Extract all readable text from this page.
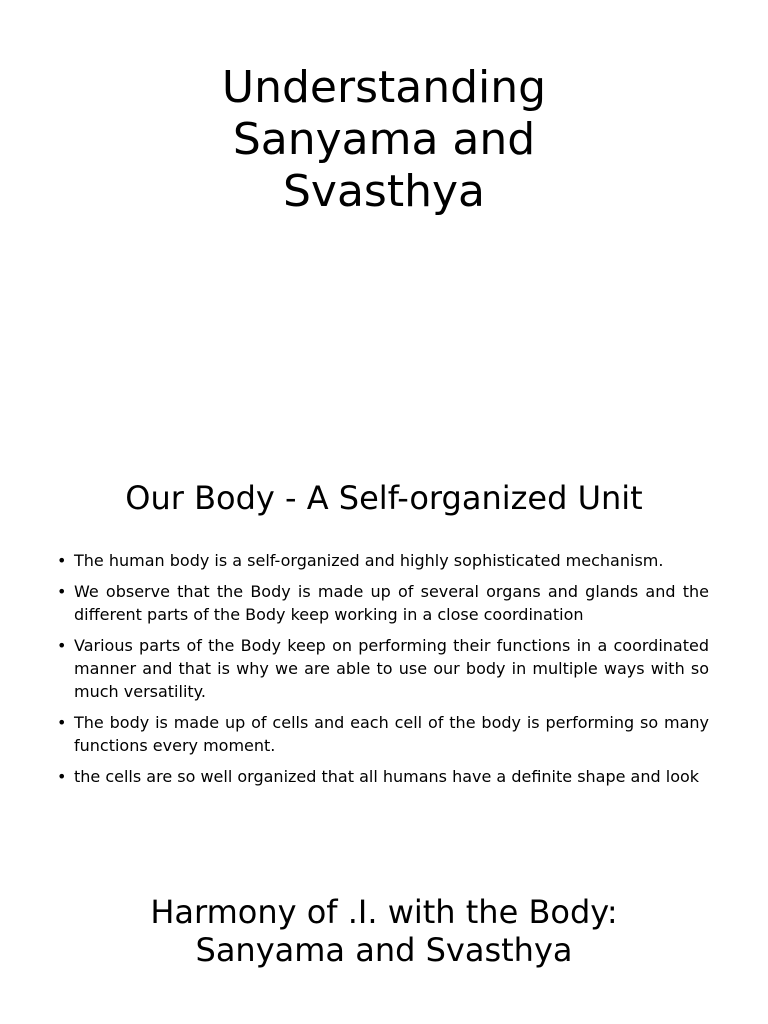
Understanding
Sanyama and
Svasthya
Our Body - A Self-organized Unit
• The human body is a self-organized and highly sophisticated mechanism.
• We observe that the Body is made up of several organs and glands and the different parts of the Body keep working in a close coordination
• Various parts of the Body keep on performing their functions in a coordinated manner and that is why we are able to use our body in multiple ways with so much versatility.
• The body is made up of cells and each cell of the body is performing so many functions every moment.
• the cells are so well organized that all humans have a definite shape and look
Harmony of .I. with the Body:
Sanyama and Svasthya
